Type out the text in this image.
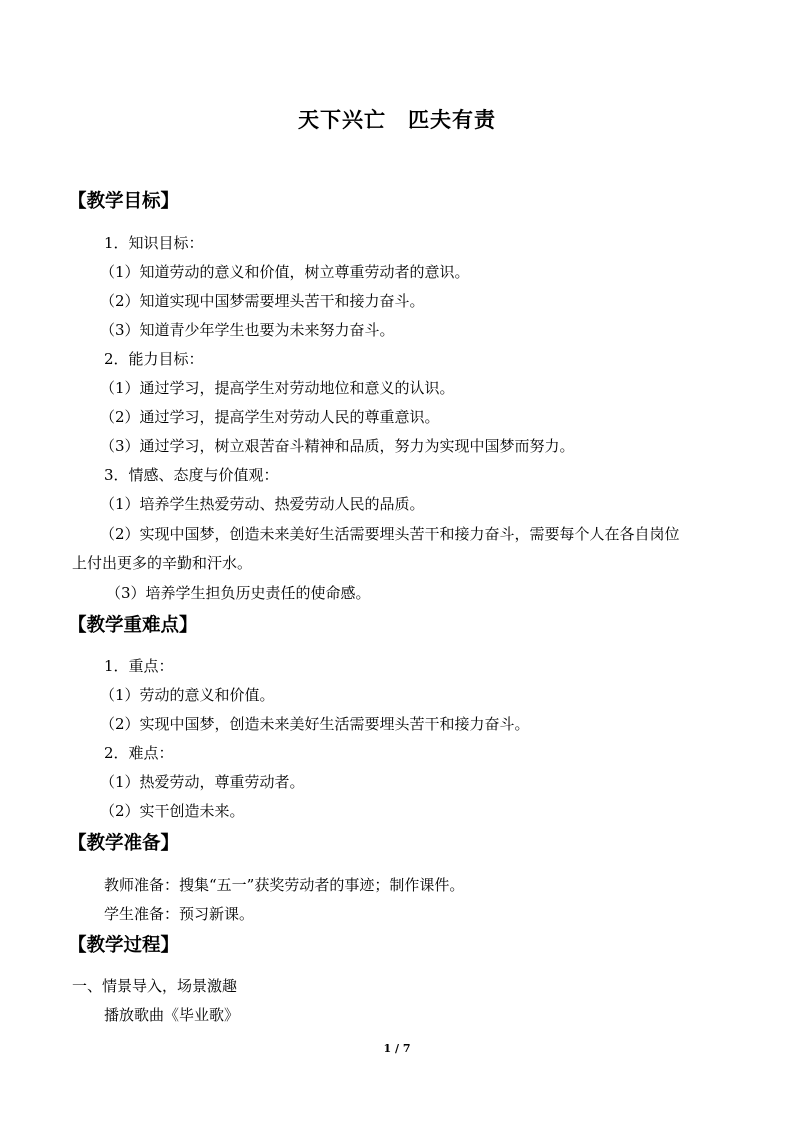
天下兴亡　匹夫有责
【教学目标】
1．知识目标：
（1）知道劳动的意义和价值，树立尊重劳动者的意识。
（2）知道实现中国梦需要埋头苦干和接力奋斗。
（3）知道青少年学生也要为未来努力奋斗。
2．能力目标：
（1）通过学习，提高学生对劳动地位和意义的认识。
（2）通过学习，提高学生对劳动人民的尊重意识。
（3）通过学习，树立艰苦奋斗精神和品质，努力为实现中国梦而努力。
3．情感、态度与价值观：
（1）培养学生热爱劳动、热爱劳动人民的品质。
（2）实现中国梦，创造未来美好生活需要埋头苦干和接力奋斗，需要每个人在各自岗位
上付出更多的辛勤和汗水。
（3）培养学生担负历史责任的使命感。
【教学重难点】
1．重点：
（1）劳动的意义和价值。
（2）实现中国梦，创造未来美好生活需要埋头苦干和接力奋斗。
2．难点：
（1）热爱劳动，尊重劳动者。
（2）实干创造未来。
【教学准备】
教师准备：搜集“五一”获奖劳动者的事迹；制作课件。
学生准备：预习新课。
【教学过程】
一、情景导入，场景激趣
播放歌曲《毕业歌》
1 / 7
